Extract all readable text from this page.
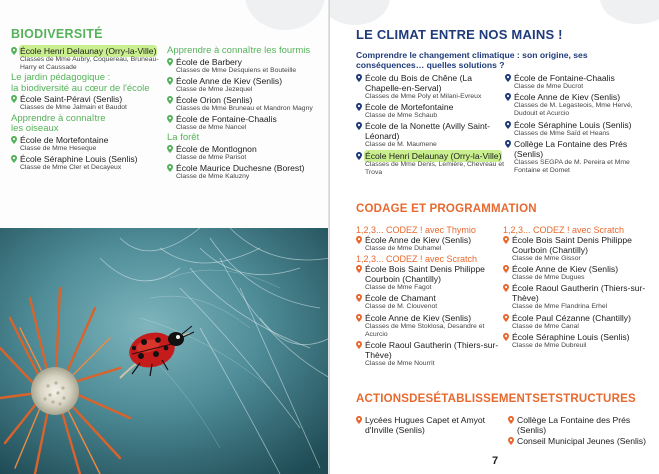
BIODIVERSITÉ
École Henri Delaunay (Orry-la-Ville)
Classes de Mme Aubry, Coquereau, Bruneau-Harry et Caussade
Le jardin pédagogique :
la biodiversité au cœur de l'école
École Saint-Péravi (Senlis)
Classes de Mme Jalmain et Baudot
Apprendre à connaître
les oiseaux
École de Mortefontaine
Classe de Mme Heseque
École Séraphine Louis (Senlis)
Classe de Mme Cler et Decayeux
Apprendre à connaître les fourmis
École de Barbery
Classes de Mme Desquiens et Bouteille
École Anne de Kiev (Senlis)
Classe de Mme Jezequel
École Orion (Senlis)
Classes de Mme Bruneau et Mandron Magny
École de Fontaine-Chaalis
Classe de Mme Nancel
La forêt
École de Montlognon
Classe de Mme Parisot
École Maurice Duchesne (Borest)
Classe de Mme Kaluzny
LE CLIMAT ENTRE NOS MAINS !
Comprendre le changement climatique : son origine, ses conséquences… quelles solutions ?
École du Bois de Chêne (La Chapelle-en-Serval)
Classes de Mme Poly et Milani-Evreux
École de Mortefontaine
Classe de Mme Schaub
École de la Nonette (Avilly Saint-Léonard)
Classe de M. Maumene
École Henri Delaunay (Orry-la-Ville)
Classes de Mme Denis, Lemière, Chevreau et Trova
École de Fontaine-Chaalis
Classe de Mme Ducrot
École Anne de Kiev (Senlis)
Classes de M. Legasteois, Mme Hervé, Dudouit et Acurcio
École Séraphine Louis (Senlis)
Classes de Mme Saïd et Heans
Collège La Fontaine des Prés (Senlis)
Classes SEGPA de M. Pereira et Mme Fontaine et Domet
CODAGE ET PROGRAMMATION
1,2,3... CODEZ ! avec Thymio
École Anne de Kiev (Senlis)
Classe de Mme Duhamel
1,2,3... CODEZ ! avec Scratch
École Bois Saint Denis Philippe Courboin (Chantilly)
Classe de Mme Fagot
École de Chamant
Classe de M. Clouvenot
École Anne de Kiev (Senlis)
Classes de Mme Stoklosa, Desandre et Acurcio
École Raoul Gautherin (Thiers-sur-Thève)
Classe de Mme Nourrit
1,2,3... CODEZ ! avec Scratch
École Bois Saint Denis Philippe Courboin (Chantilly)
Classe de Mme Gissor
École Anne de Kiev (Senlis)
Classe de Mme Dugues
École Raoul Gautherin (Thiers-sur-Thève)
Classe de Mme Flandrina Erhel
École Paul Cézanne (Chantilly)
Classe de Mme Canal
École Séraphine Louis (Senlis)
Classe de Mme Dubreuil
ACTIONSDESÉTABLISSEMENTSETSTRUCTURES
Lycées Hugues Capet et Amyot d'Inville (Senlis)
Collège La Fontaine des Prés (Senlis)
Conseil Municipal Jeunes (Senlis)
7
